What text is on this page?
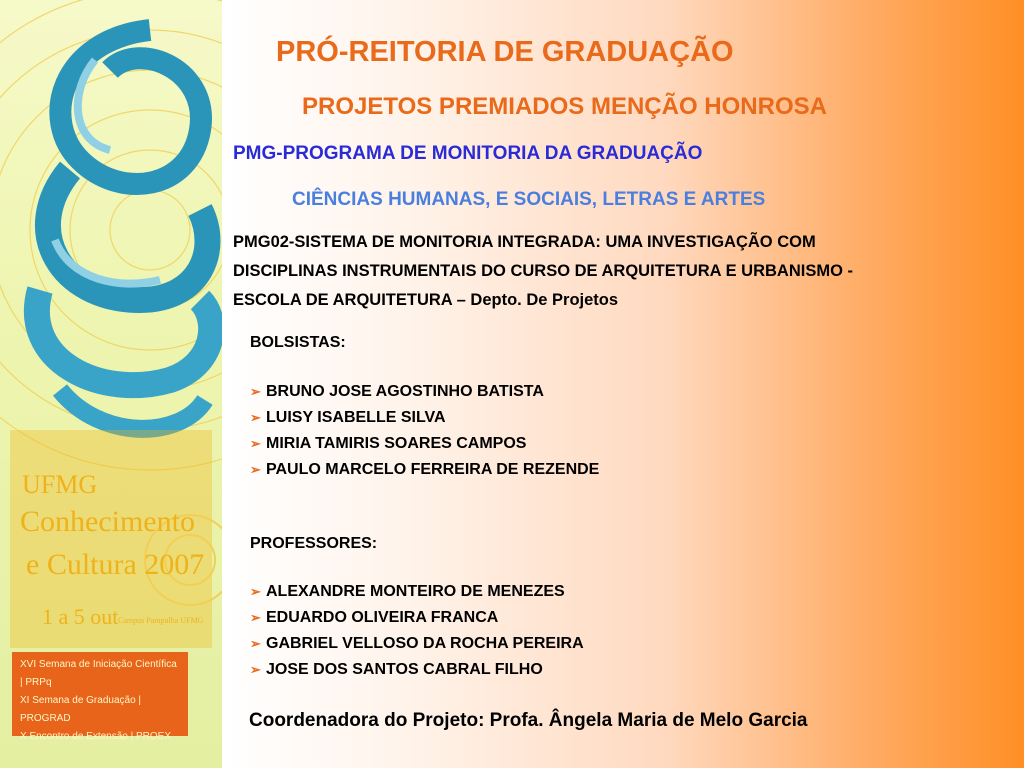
UFMG
Conhecimento
e Cultura 2007
1 a 5 out Campus Pampulha UFMG
XVI Semana de Iniciação Científica | PRPq
XI Semana de Graduação | PROGRAD
X Encontro de Extensão | PROEX
PRÓ-REITORIA DE GRADUAÇÃO
PROJETOS PREMIADOS MENÇÃO HONROSA
PMG-PROGRAMA DE MONITORIA DA GRADUAÇÃO
CIÊNCIAS HUMANAS, E SOCIAIS, LETRAS E ARTES
PMG02-SISTEMA DE MONITORIA INTEGRADA: UMA INVESTIGAÇÃO COM
DISCIPLINAS INSTRUMENTAIS DO CURSO DE ARQUITETURA E URBANISMO -
ESCOLA DE ARQUITETURA – Depto. De Projetos
BOLSISTAS:
➢ BRUNO JOSE AGOSTINHO BATISTA
➢ LUISY ISABELLE SILVA
➢ MIRIA TAMIRIS SOARES CAMPOS
➢ PAULO MARCELO FERREIRA DE REZENDE
PROFESSORES:
➢ ALEXANDRE MONTEIRO DE MENEZES
➢ EDUARDO OLIVEIRA FRANCA
➢ GABRIEL VELLOSO DA ROCHA PEREIRA
➢ JOSE DOS SANTOS CABRAL FILHO
Coordenadora do Projeto: Profa. Ângela Maria de Melo Garcia
